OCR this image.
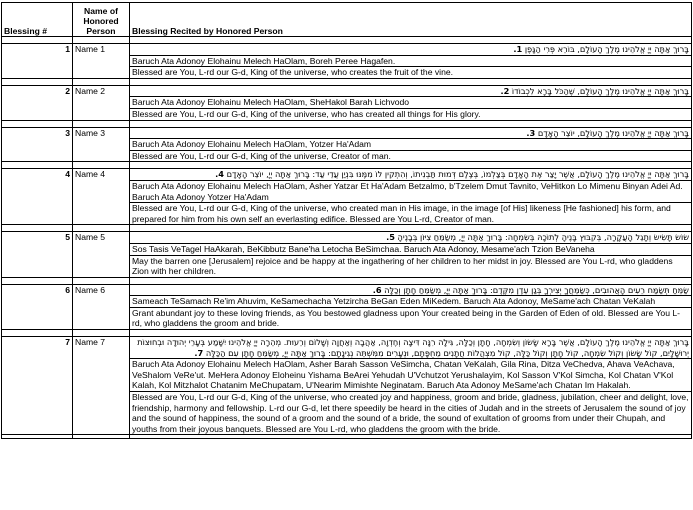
Blessing #	Name of Honored Person	Blessing Recited by Honored Person

1	Name 1	בָּרוּךְ אַתָּה יְיָ אֱלֹהֵינוּ מֶלֶךְ הָעוֹלָם, בּוֹרֵא פְּרִי הַגָּפֶן 1.
		Baruch Ata Adonoy Elohainu Melech HaOlam, Boreh Peree Hagafen.
		Blessed are You, L-rd our G-d, King of the universe, who creates the fruit of the vine.

2	Name 2	בָּרוּךְ אַתָּה יְיָ אֱלֹהֵינוּ מֶלֶךְ הָעוֹלָם, שֶׁהַכֹּל בָּרָא לִכְבוֹדוֹ 2.
		Baruch Ata Adonoy Elohainu Melech HaOlam, SheHakol Barah Lichvodo
		Blessed are You, L-rd our G-d, King of the universe, who has created all things for His glory.

3	Name 3	בָּרוּךְ אַתָּה יְיָ אֱלֹהֵינוּ מֶלֶךְ הָעוֹלָם, יוֹצֵר הָאָדָם 3.
		Baruch Ata Adonoy Elohainu Melech HaOlam, Yotzer Ha'Adam
		Blessed are You, L-rd our G-d, King of the universe, Creator of man.

4	Name 4	בָּרוּךְ אַתָּה יְיָ אֱלֹהֵינוּ מֶלֶךְ הָעוֹלָם, אֲשֶׁר יָצַר אֶת הָאָדָם בְּצַלְמוֹ, בְּצֶלֶם דְּמוּת תַּבְנִיתוֹ, וְהִתְקִין לוֹ מִמֶּנּוּ בִּנְיַן עֲדֵי עַד: בָּרוּךְ אַתָּה יְיָ, יוֹצֵר הָאָדָם 4.
		Baruch Ata Adonoy Elohainu Melech HaOlam, Asher Yatzar Et Ha'Adam Betzalmo, b'Tzelem Dmut Tavnito, VeHitkon Lo Mimenu Binyan Adei Ad. Baruch Ata Adonoy Yotzer Ha'Adam
		Blessed are You, L-rd our G-d, King of the universe, who created man in His image, in the image [of His] likeness [He fashioned] his form, and prepared for him from his own self an everlasting edifice. Blessed are You L-rd, Creator of man.

5	Name 5	שׂוֹשׂ תָּשִׂישׂ וְתָגֵל הָעֲקָרָה, בְּקִבּוּץ בָּנֶיהָ לְתוֹכָהּ בְּשִׂמְחָה: בָּרוּךְ אַתָּה יְיָ, מְשַׂמֵּחַ צִיּוֹן בְּבָנֶיהָ 5.
		Sos Tasis VeTagel HaAkarah, BeKibbutz Bane'ha Letocha BeSimchaa. Baruch Ata Adonoy, Mesame'ach Tzion BeVaneha
		May the barren one [Jerusalem] rejoice and be happy at the ingathering of her children to her midst in joy. Blessed are You L-rd, who gladdens Zion with her children.

6	Name 6	שַׂמֵּחַ תְּשַׂמַּח רֵעִים הָאֲהוּבִים, כְּשַׂמֵּחֲךָ יְצִירְךָ בְּגַן עֵדֶן מִקֶּדֶם: בָּרוּךְ אַתָּה יְיָ, מְשַׂמֵּחַ חָתָן וְכַלָּה 6.
		Sameach TeSamach Re'im Ahuvim, KeSamechacha Yetzircha BeGan Eden MiKedem. Baruch Ata Adonoy, MeSame'ach Chatan VeKalah
		Grant abundant joy to these loving friends, as You bestowed gladness upon Your created being in the Garden of Eden of old. Blessed are You L-rd, who gladdens the groom and bride.

7	Name 7	בָּרוּךְ אַתָּה יְיָ אֱלֹהֵינוּ מֶלֶךְ הָעוֹלָם, אֲשֶׁר בָּרָא שָׂשׂוֹן וְשִׂמְחָה, חָתָן וְכַלָּה, גִּילָה רִנָּה דִּיצָה וְחֶדְוָה, אַהֲבָה וְאַחֲוָה וְשָׁלוֹם וְרֵעוּת. מְהֵרָה יְיָ אֱלֹהֵינוּ יִשָּׁמַע בְּעָרֵי יְהוּדָה וּבְחוּצוֹת יְרוּשָׁלָיִם, קוֹל שָׂשׂוֹן וְקוֹל שִׂמְחָה, קוֹל חָתָן וְקוֹל כַּלָּה, קוֹל מִצְהֲלוֹת חֲתָנִים מֵחֻפָּתָם, וּנְעָרִים מִמִּשְׁתֵּה נְגִינָתָם: בָּרוּךְ אַתָּה יְיָ, מְשַׂמֵּחַ חָתָן עִם הַכַּלָּה 7.
		Baruch Ata Adonoy Elohainu Melech HaOlam, Asher Barah Sasson VeSimcha, Chatan VeKalah, Gila Rina, Ditza VeChedva, Ahava VeAchava, VeShalom VeRe'ut. MeHera Adonoy Eloheinu Yishama BeArei Yehudah U'Vchutzot Yerushalayim, Kol Sasson V'Kol Simcha, Kol Chatan V'Kol Kalah, Kol Mitzhalot Chatanim MeChupatam, U'Nearim Mimishte Neginatam. Baruch Ata Adonoy MeSame'ach Chatan Im Hakalah.
		Blessed are You, L-rd our G-d, King of the universe, who created joy and happiness, groom and bride, gladness, jubilation, cheer and delight, love, friendship, harmony and fellowship. L-rd our G-d, let there speedily be heard in the cities of Judah and in the streets of Jerusalem the sound of joy and the sound of happiness, the sound of a groom and the sound of a bride, the sound of exultation of grooms from under their Chupah, and youths from their joyous banquets. Blessed are You L-rd, who gladdens the groom with the bride.
